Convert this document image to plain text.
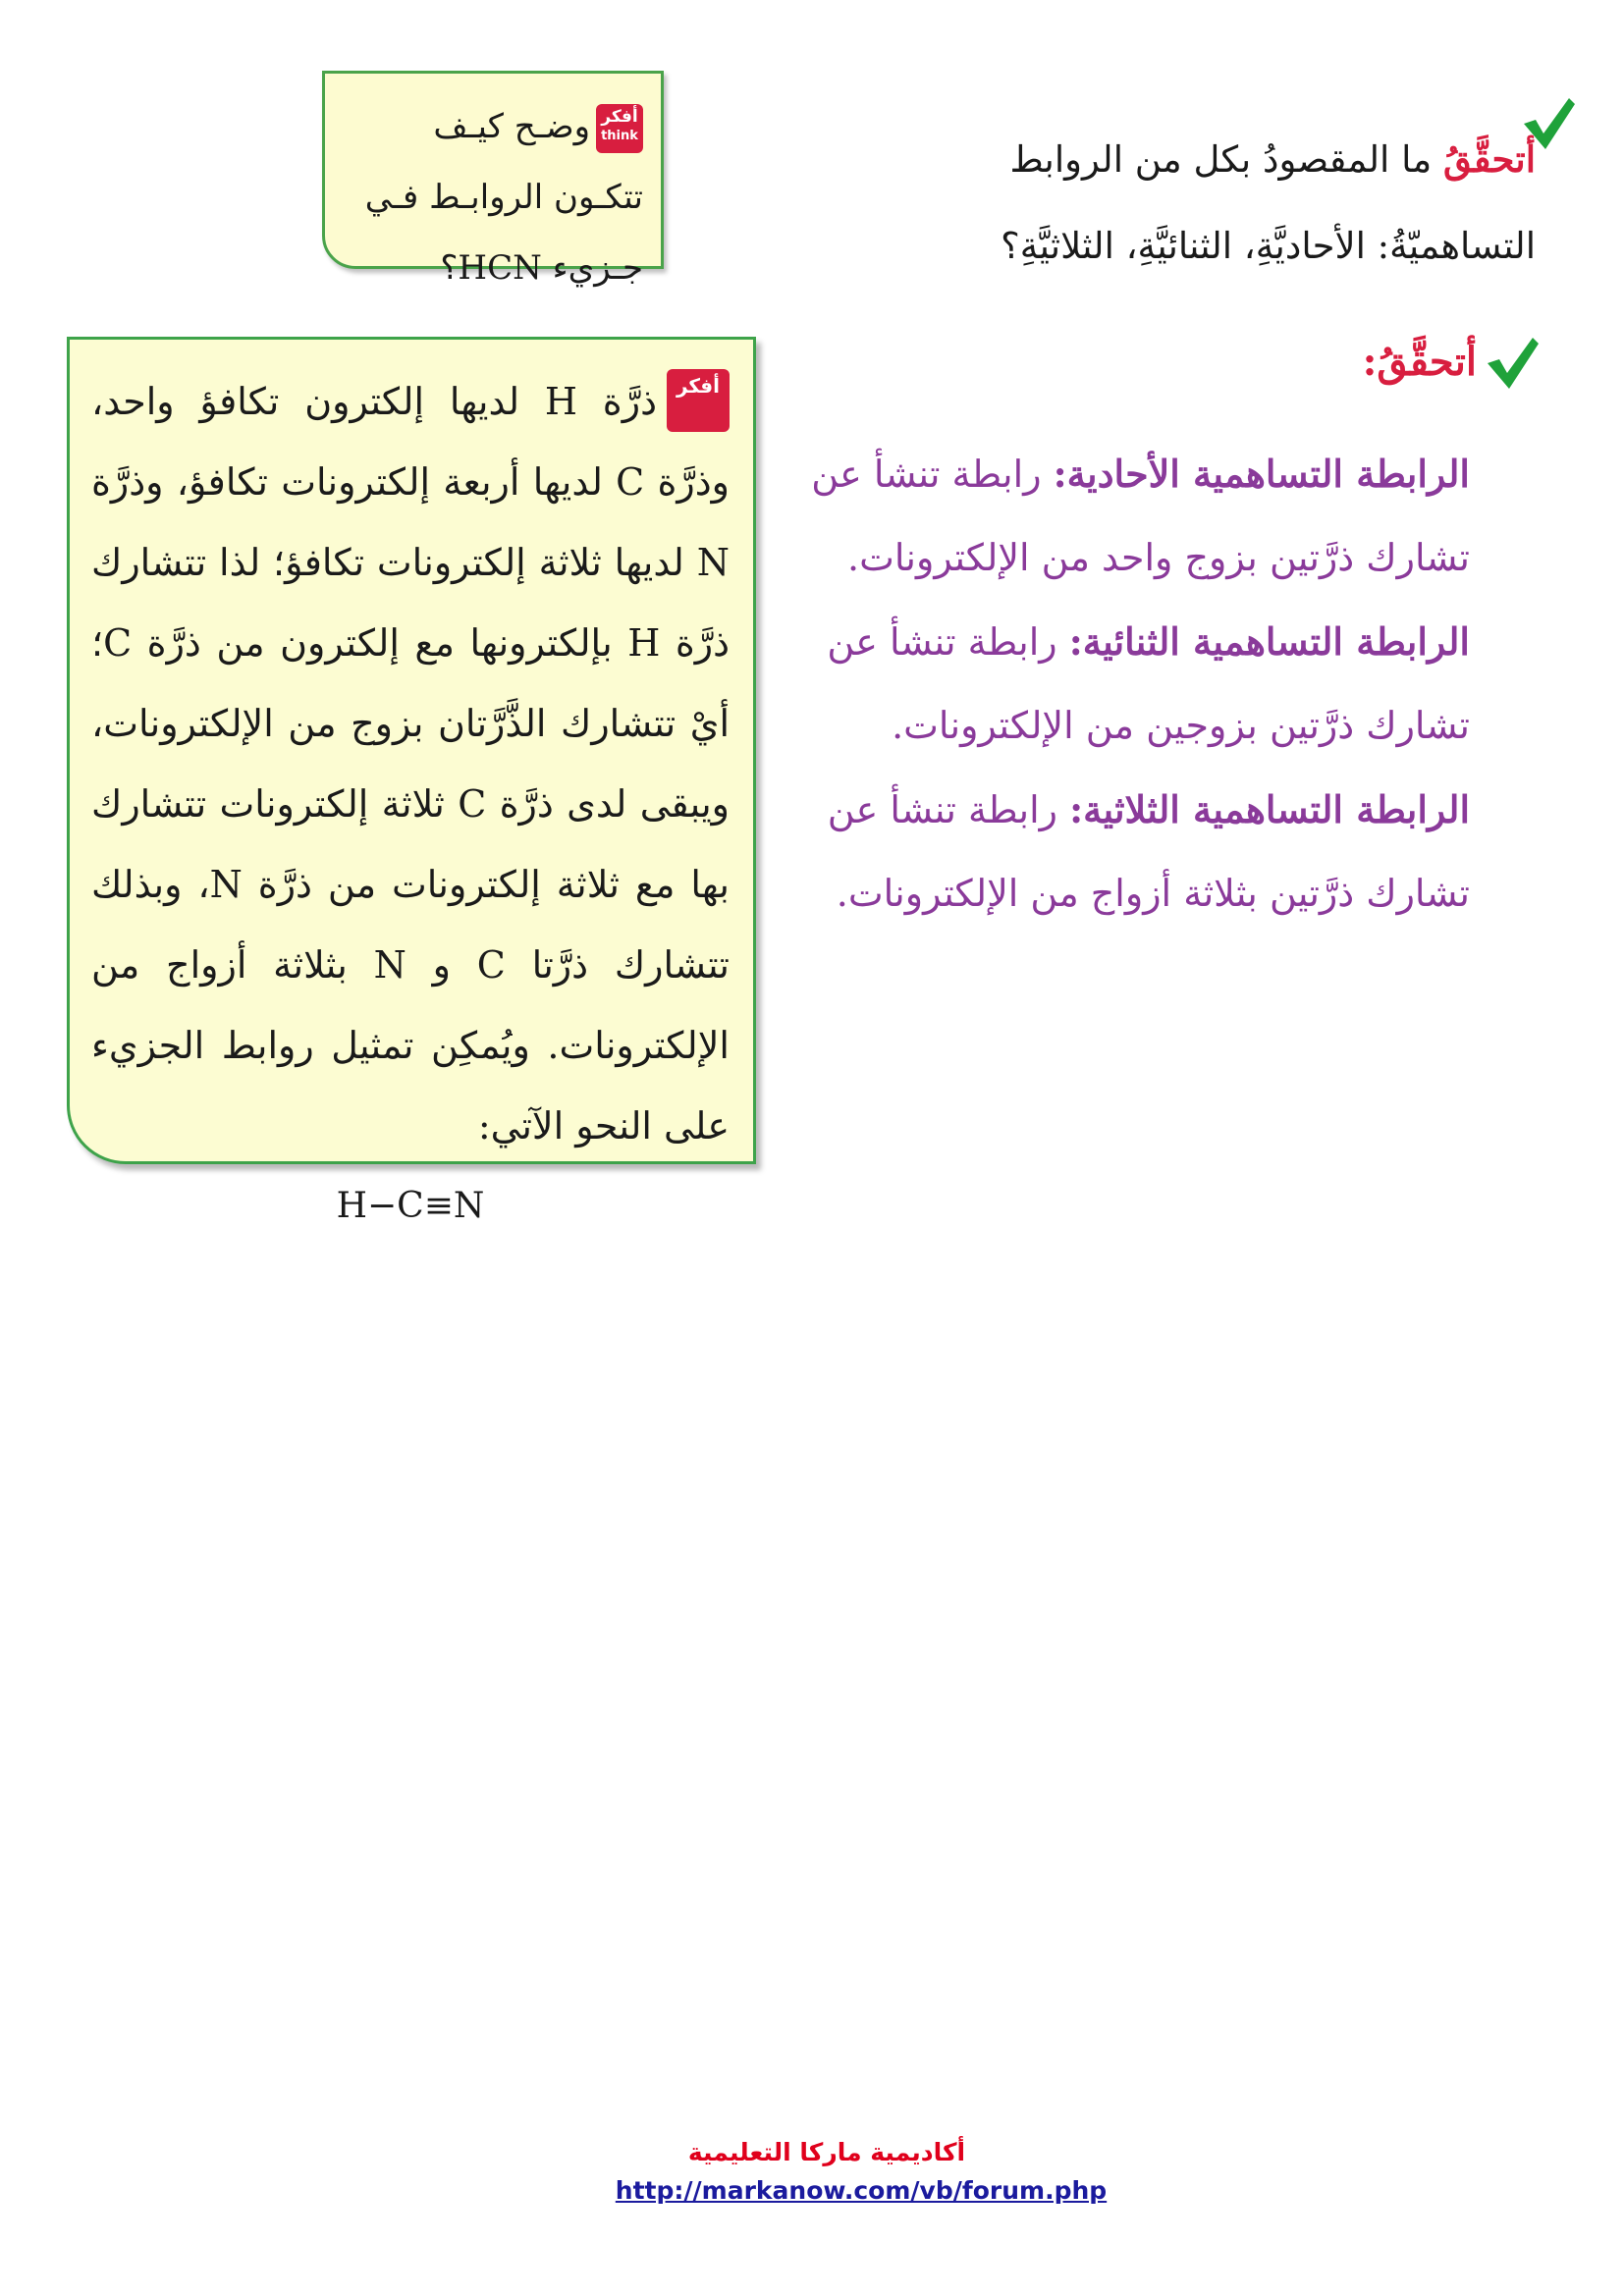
أتحقَّقُ ما المقصودُ بكل من الروابط التساهميّةُ: الأحاديَّةِ، الثنائيَّةِ، الثلاثيَّةِ؟
أفكر
think
وضـح كيـف تتكـون الروابـط فـي جـزيء HCN؟
أتحقَّقُ:
الرابطة التساهمية الأحادية: رابطة تنشأ عن تشارك ذرَّتين بزوج واحد من الإلكترونات.
الرابطة التساهمية الثنائية: رابطة تنشأ عن تشارك ذرَّتين بزوجين من الإلكترونات.
الرابطة التساهمية الثلاثية: رابطة تنشأ عن تشارك ذرَّتين بثلاثة أزواج من الإلكترونات.
أفكر
ذرَّة H لديها إلكترون تكافؤ واحد، وذرَّة C لديها أربعة إلكترونات تكافؤ، وذرَّة N لديها ثلاثة إلكترونات تكافؤ؛ لذا تتشارك ذرَّة H بإلكترونها مع إلكترون من ذرَّة C؛ أيْ تتشارك الذَّرَّتان بزوج من الإلكترونات، ويبقى لدى ذرَّة C ثلاثة إلكترونات تتشارك بها مع ثلاثة إلكترونات من ذرَّة N، وبذلك تتشارك ذرَّتا C و N بثلاثة أزواج من الإلكترونات. ويُمكِن تمثيل روابط الجزيء على النحو الآتي:
H−C≡N
أكاديمية ماركا التعليمية
http://markanow.com/vb/forum.php
